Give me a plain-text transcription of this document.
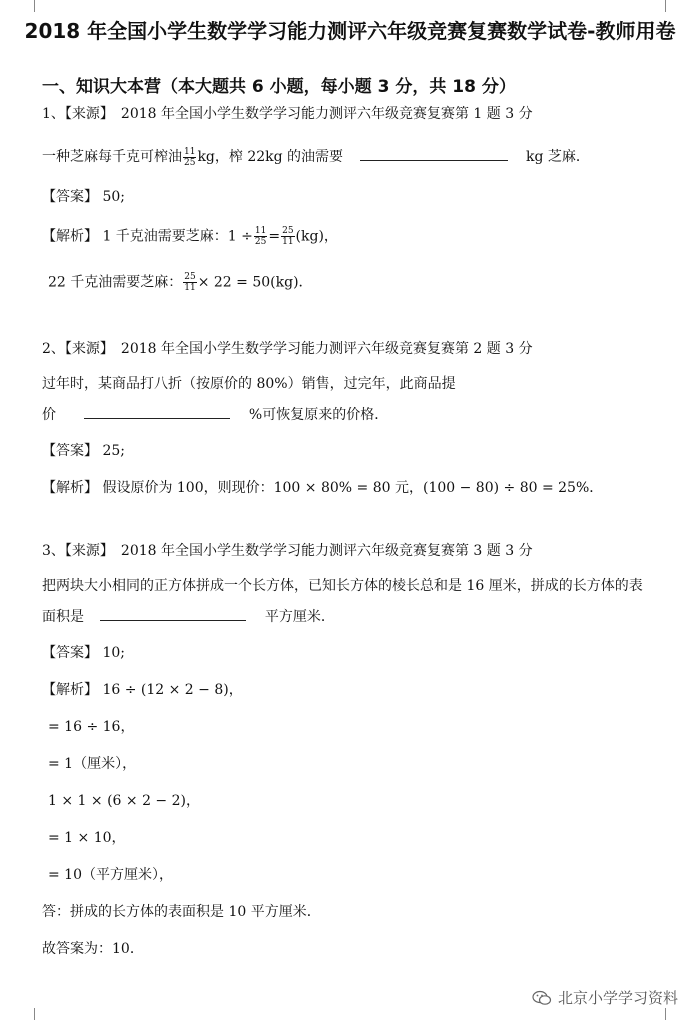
2018 年全国小学生数学学习能力测评六年级竞赛复赛数学试卷-教师用卷
一、知识大本营（本大题共 6 小题，每小题 3 分，共 18 分）
1、【来源】　2018 年全国小学生数学学习能力测评六年级竞赛复赛第 1 题 3 分
一种芝麻每千克可榨油 $\frac{11}{25}$ kg，榨 22kg 的油需要	kg 芝麻．
【答案】 50;
【解析】 1 千克油需要芝麻：$1 \div \frac{11}{25} = \frac{25}{11} (kg)$，
22 千克油需要芝麻： $\frac{25}{11} \times 22 = 50(kg)$．
2、【来源】　2018 年全国小学生数学学习能力测评六年级竞赛复赛第 2 题 3 分
过年时，某商品打八折（按原价的 80%）销售，过完年，此商品提
价	%可恢复原来的价格．
【答案】 25;
【解析】 假设原价为 100，则现价：100 × 80% = 80 元，(100 − 80) ÷ 80 = 25%．
3、【来源】　2018 年全国小学生数学学习能力测评六年级竞赛复赛第 3 题 3 分
把两块大小相同的正方体拼成一个长方体，已知长方体的棱长总和是 16 厘米，拼成的长方体的表
面积是	平方厘米．
【答案】 10;
【解析】 16 ÷ (12 × 2 − 8)，
= 16 ÷ 16，
= 1（厘米），
1 × 1 × (6 × 2 − 2)，
= 1 × 10，
= 10（平方厘米），
答：拼成的长方体的表面积是 10 平方厘米．
故答案为：10．
北京小学学习资料
